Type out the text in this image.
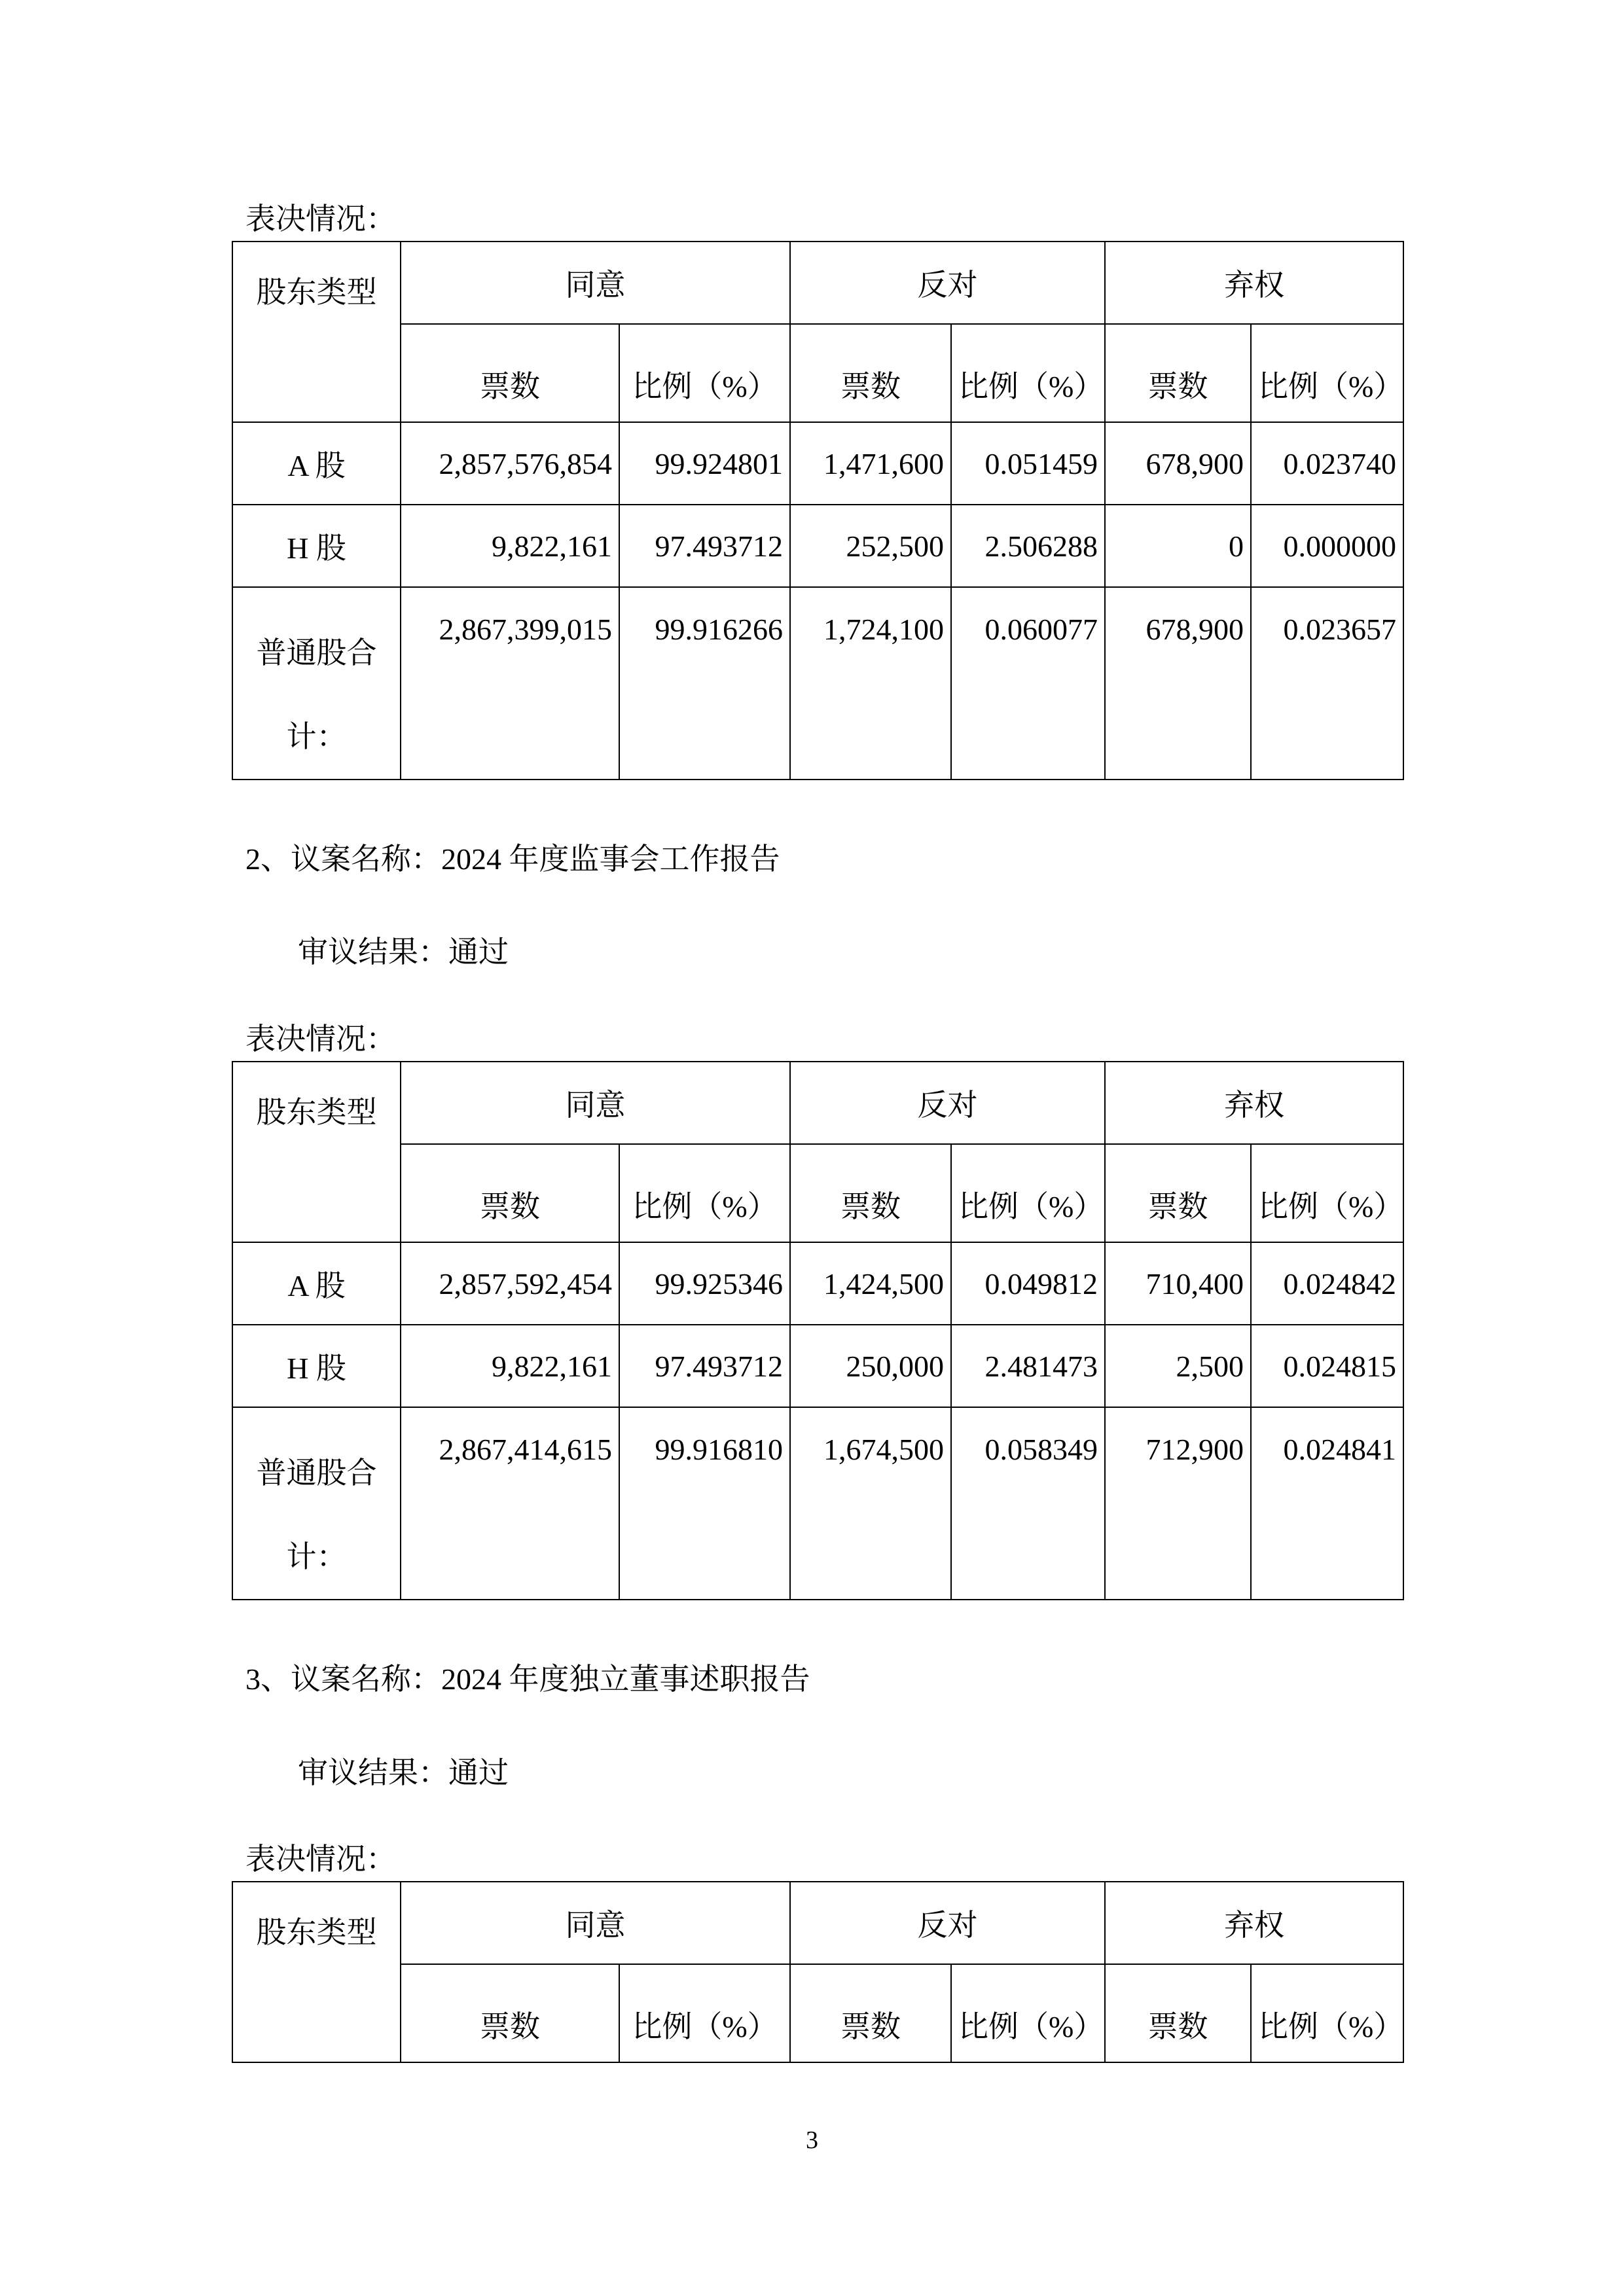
表决情况：
股东类型	同意		反对		弃权	
	票数	比例（%）	票数	比例（%）	票数	比例（%）
A 股	2,857,576,854	99.924801	1,471,600	0.051459	678,900	0.023740
H 股	9,822,161	97.493712	252,500	2.506288	0	0.000000
普通股合计：	2,867,399,015	99.916266	1,724,100	0.060077	678,900	0.023657
2、议案名称：2024 年度监事会工作报告
审议结果：通过
表决情况：
股东类型	同意		反对		弃权	
	票数	比例（%）	票数	比例（%）	票数	比例（%）
A 股	2,857,592,454	99.925346	1,424,500	0.049812	710,400	0.024842
H 股	9,822,161	97.493712	250,000	2.481473	2,500	0.024815
普通股合计：	2,867,414,615	99.916810	1,674,500	0.058349	712,900	0.024841
3、议案名称：2024 年度独立董事述职报告
审议结果：通过
表决情况：
股东类型	同意		反对		弃权	
	票数	比例（%）	票数	比例（%）	票数	比例（%）
3
